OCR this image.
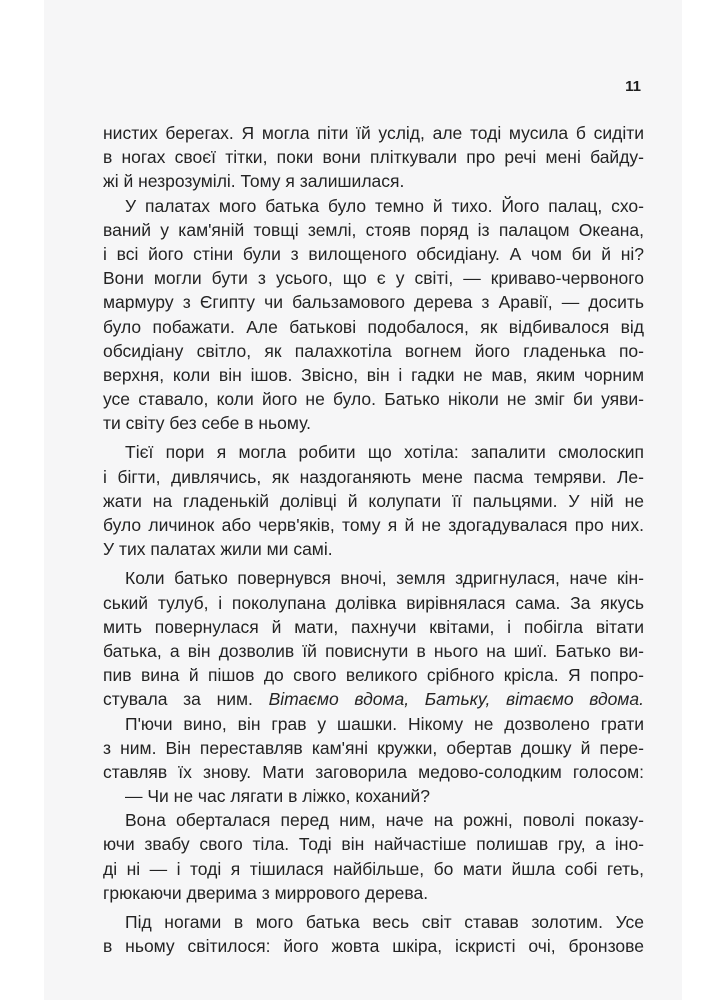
11
нистих берегах. Я могла піти їй услід, але тоді мусила б сидіти
в ногах своєї тітки, поки вони пліткували про речі мені байду-
жі й незрозумілі. Тому я залишилася.
У палатах мого батька було темно й тихо. Його палац, схо-
ваний у кам'яній товщі землі, стояв поряд із палацом Океана,
і всі його стіни були з вилощеного обсидіану. А чом би й ні?
Вони могли бути з усього, що є у світі, — криваво-червоного
мармуру з Єгипту чи бальзамового дерева з Аравії, — досить
було побажати. Але батькові подобалося, як відбивалося від
обсидіану світло, як палахкотіла вогнем його гладенька по-
верхня, коли він ішов. Звісно, він і гадки не мав, яким чорним
усе ставало, коли його не було. Батько ніколи не зміг би уяви-
ти світу без себе в ньому.
Тієї пори я могла робити що хотіла: запалити смолоскип
і бігти, дивлячись, як наздоганяють мене пасма темряви. Ле-
жати на гладенькій долівці й колупати її пальцями. У ній не
було личинок або черв'яків, тому я й не здогадувалася про них.
У тих палатах жили ми самі.
Коли батько повернувся вночі, земля здригнулася, наче кін-
ський тулуб, і поколупана долівка вирівнялася сама. За якусь
мить повернулася й мати, пахнучи квітами, і побігла вітати
батька, а він дозволив їй повиснути в нього на шиї. Батько ви-
пив вина й пішов до свого великого срібного крісла. Я попро-
стувала за ним. Вітаємо вдома, Батьку, вітаємо вдома.
П'ючи вино, він грав у шашки. Нікому не дозволено грати
з ним. Він переставляв кам'яні кружки, обертав дошку й пере-
ставляв їх знову. Мати заговорила медово-солодким голосом:
— Чи не час лягати в ліжко, коханий?
Вона оберталася перед ним, наче на рожні, поволі показу-
ючи звабу свого тіла. Тоді він найчастіше полишав гру, а іно-
ді ні — і тоді я тішилася найбільше, бо мати йшла собі геть,
грюкаючи дверима з миррового дерева.
Під ногами в мого батька весь світ ставав золотим. Усе
в ньому світилося: його жовта шкіра, іскристі очі, бронзове
